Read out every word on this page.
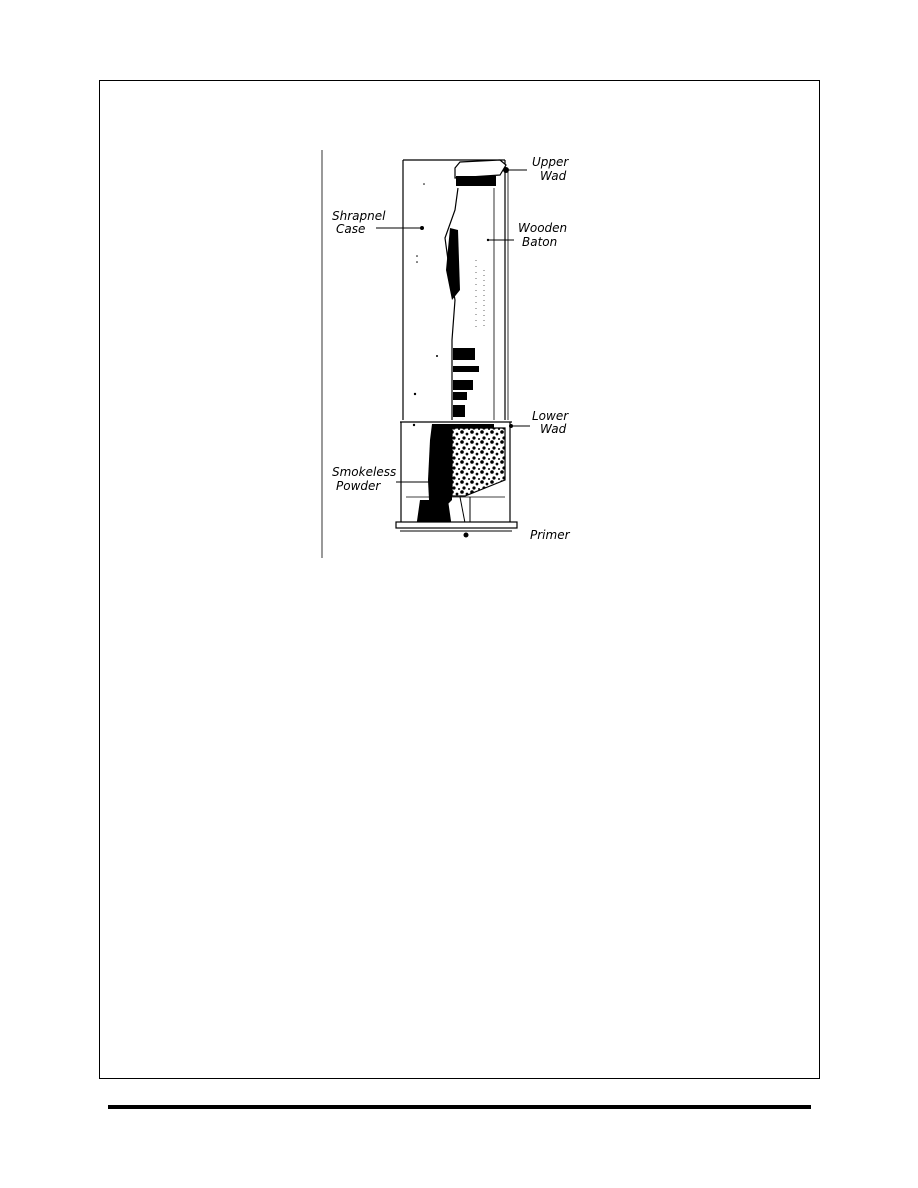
Upper
Wad
Shrapnel
Case	Wooden
Baton
Lower
Wad
Smokeless
Powder
Primer
